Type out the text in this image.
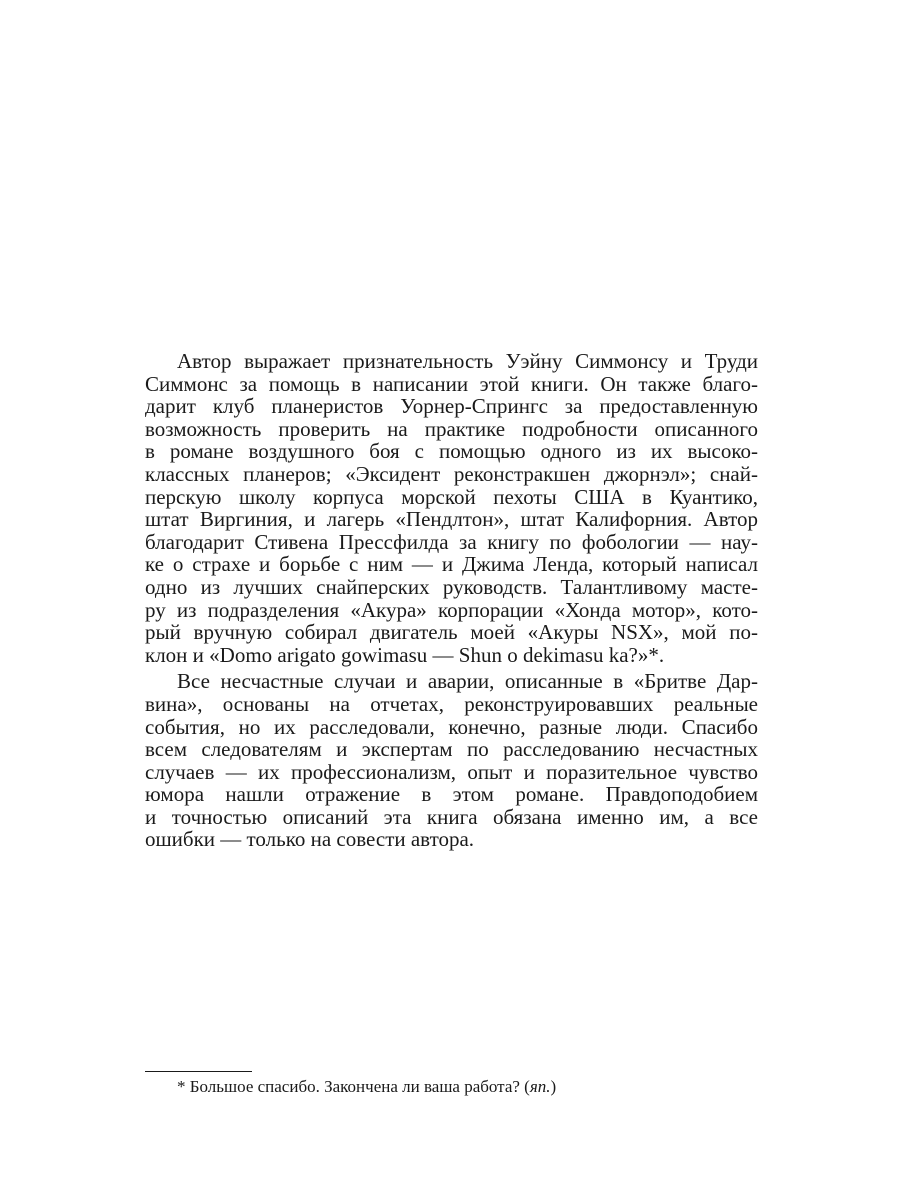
Автор выражает признательность Уэйну Симмонсу и Труди
Симмонс за помощь в написании этой книги. Он также благо-
дарит клуб планеристов Уорнер-Спрингс за предоставленную
возможность проверить на практике подробности описанного
в романе воздушного боя с помощью одного из их высоко-
классных планеров; «Эксидент реконстракшен джорнэл»; снай-
перскую школу корпуса морской пехоты США в Куантико,
штат Виргиния, и лагерь «Пендлтон», штат Калифорния. Автор
благодарит Стивена Прессфилда за книгу по фобологии — нау-
ке о страхе и борьбе с ним — и Джима Ленда, который написал
одно из лучших снайперских руководств. Талантливому масте-
ру из подразделения «Акура» корпорации «Хонда мотор», кото-
рый вручную собирал двигатель моей «Акуры NSX», мой по-
клон и «Domo arigato gowimasu — Shun o dekimasu ka?»*.
Все несчастные случаи и аварии, описанные в «Бритве Дар-
вина», основаны на отчетах, реконструировавших реальные
события, но их расследовали, конечно, разные люди. Спасибо
всем следователям и экспертам по расследованию несчастных
случаев — их профессионализм, опыт и поразительное чувство
юмора нашли отражение в этом романе. Правдоподобием
и точностью описаний эта книга обязана именно им, а все
ошибки — только на совести автора.
* Большое спасибо. Закончена ли ваша работа? (яп.)
